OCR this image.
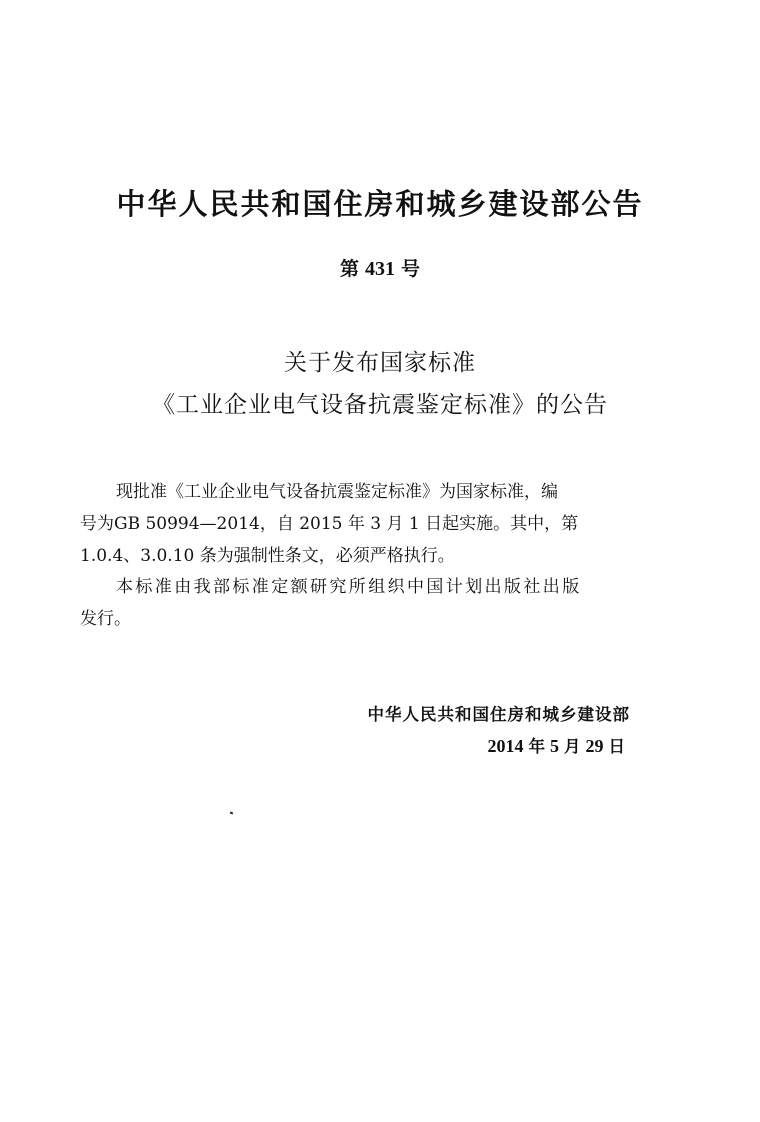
中华人民共和国住房和城乡建设部公告
第 431 号
关于发布国家标准
《工业企业电气设备抗震鉴定标准》的公告
现批准《工业企业电气设备抗震鉴定标准》为国家标准，编
号为GB 50994—2014，自 2015 年 3 月 1 日起实施。其中，第
1.0.4、3.0.10 条为强制性条文，必须严格执行。
本标准由我部标准定额研究所组织中国计划出版社出版
发行。
中华人民共和国住房和城乡建设部
2014 年 5 月 29 日
